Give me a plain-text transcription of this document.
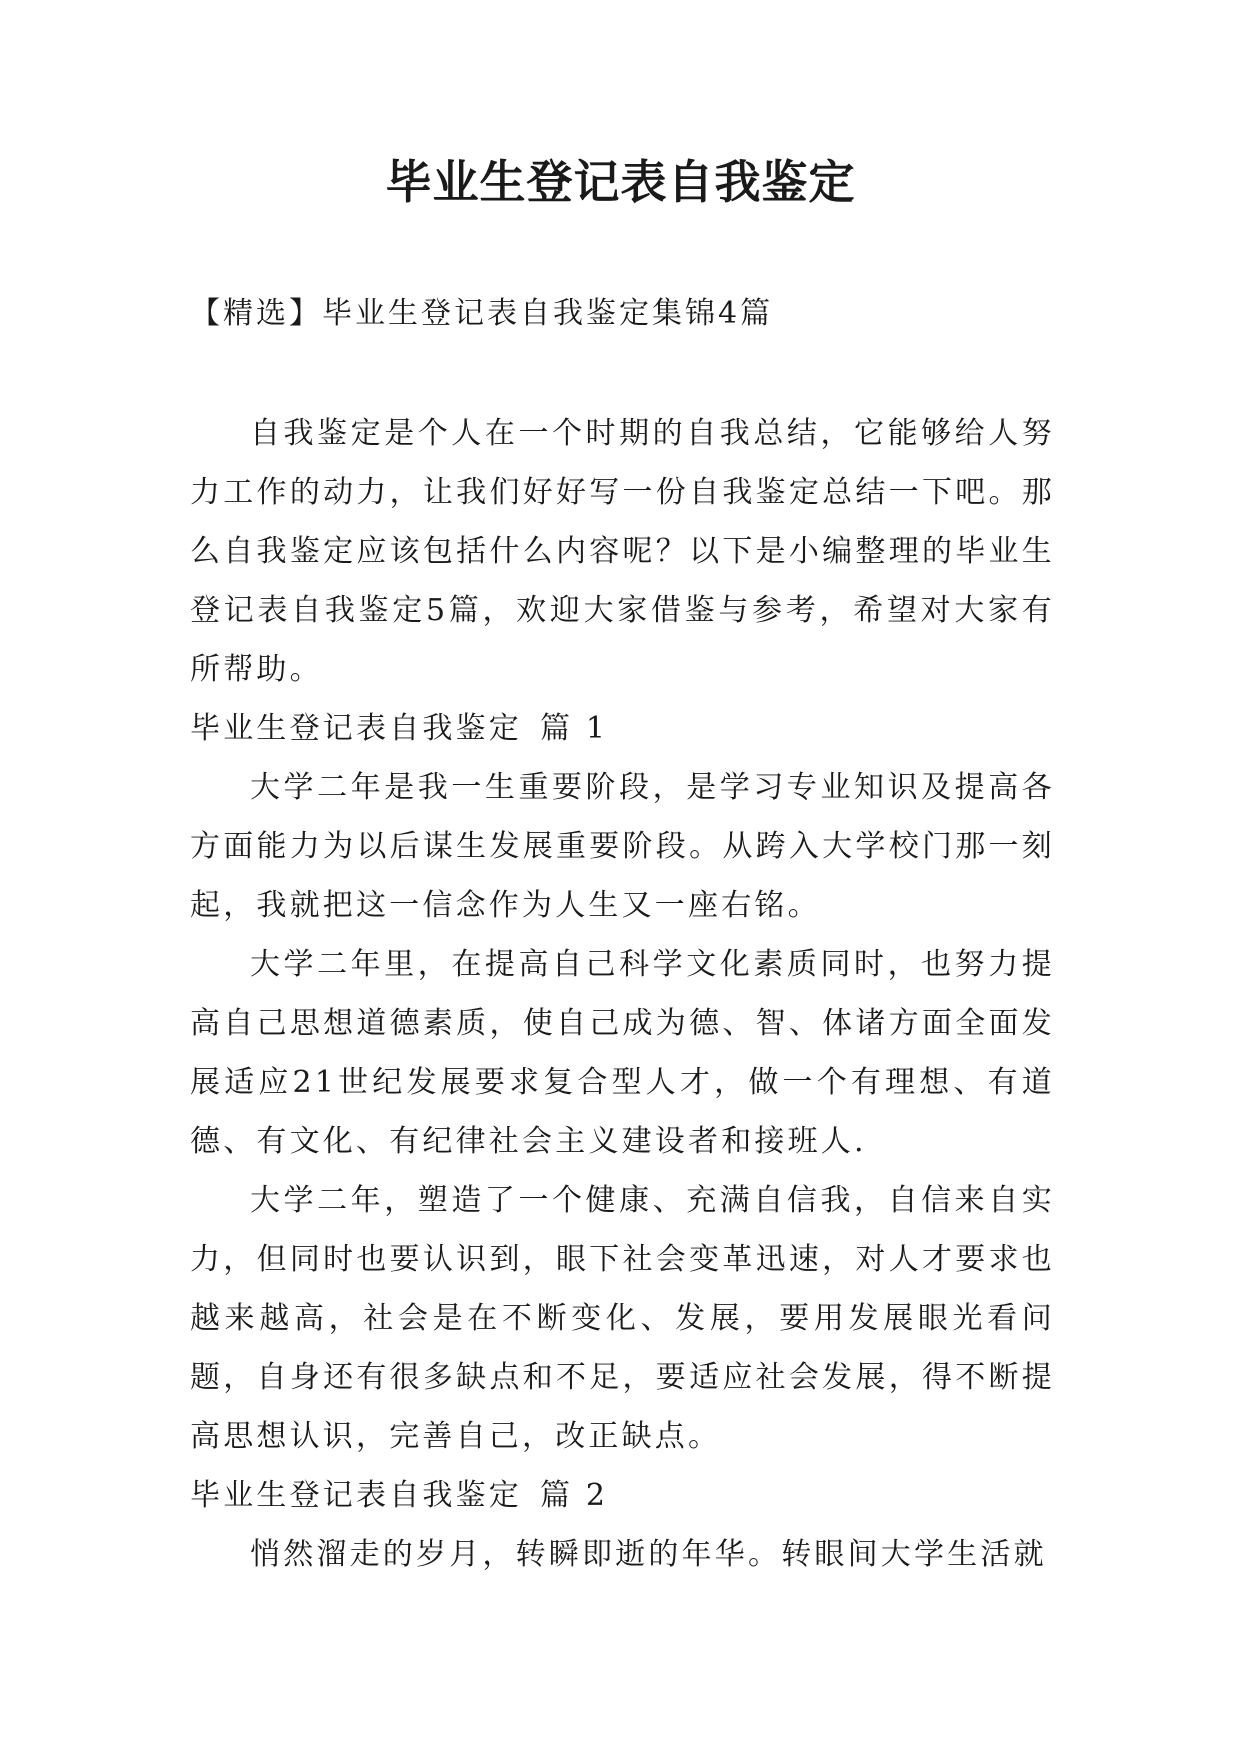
毕业生登记表自我鉴定

【精选】毕业生登记表自我鉴定集锦4篇

自我鉴定是个人在一个时期的自我总结，它能够给人努力工作的动力，让我们好好写一份自我鉴定总结一下吧。那么自我鉴定应该包括什么内容呢？以下是小编整理的毕业生登记表自我鉴定5篇，欢迎大家借鉴与参考，希望对大家有所帮助。

毕业生登记表自我鉴定 篇 1

大学二年是我一生重要阶段，是学习专业知识及提高各方面能力为以后谋生发展重要阶段。从跨入大学校门那一刻起，我就把这一信念作为人生又一座右铭。

大学二年里，在提高自己科学文化素质同时，也努力提高自己思想道德素质，使自己成为德、智、体诸方面全面发展适应21世纪发展要求复合型人才，做一个有理想、有道德、有文化、有纪律社会主义建设者和接班人.

大学二年，塑造了一个健康、充满自信我，自信来自实力，但同时也要认识到，眼下社会变革迅速，对人才要求也越来越高，社会是在不断变化、发展，要用发展眼光看问题，自身还有很多缺点和不足，要适应社会发展，得不断提高思想认识，完善自己，改正缺点。

毕业生登记表自我鉴定 篇 2

悄然溜走的岁月，转瞬即逝的年华。转眼间大学生活就
